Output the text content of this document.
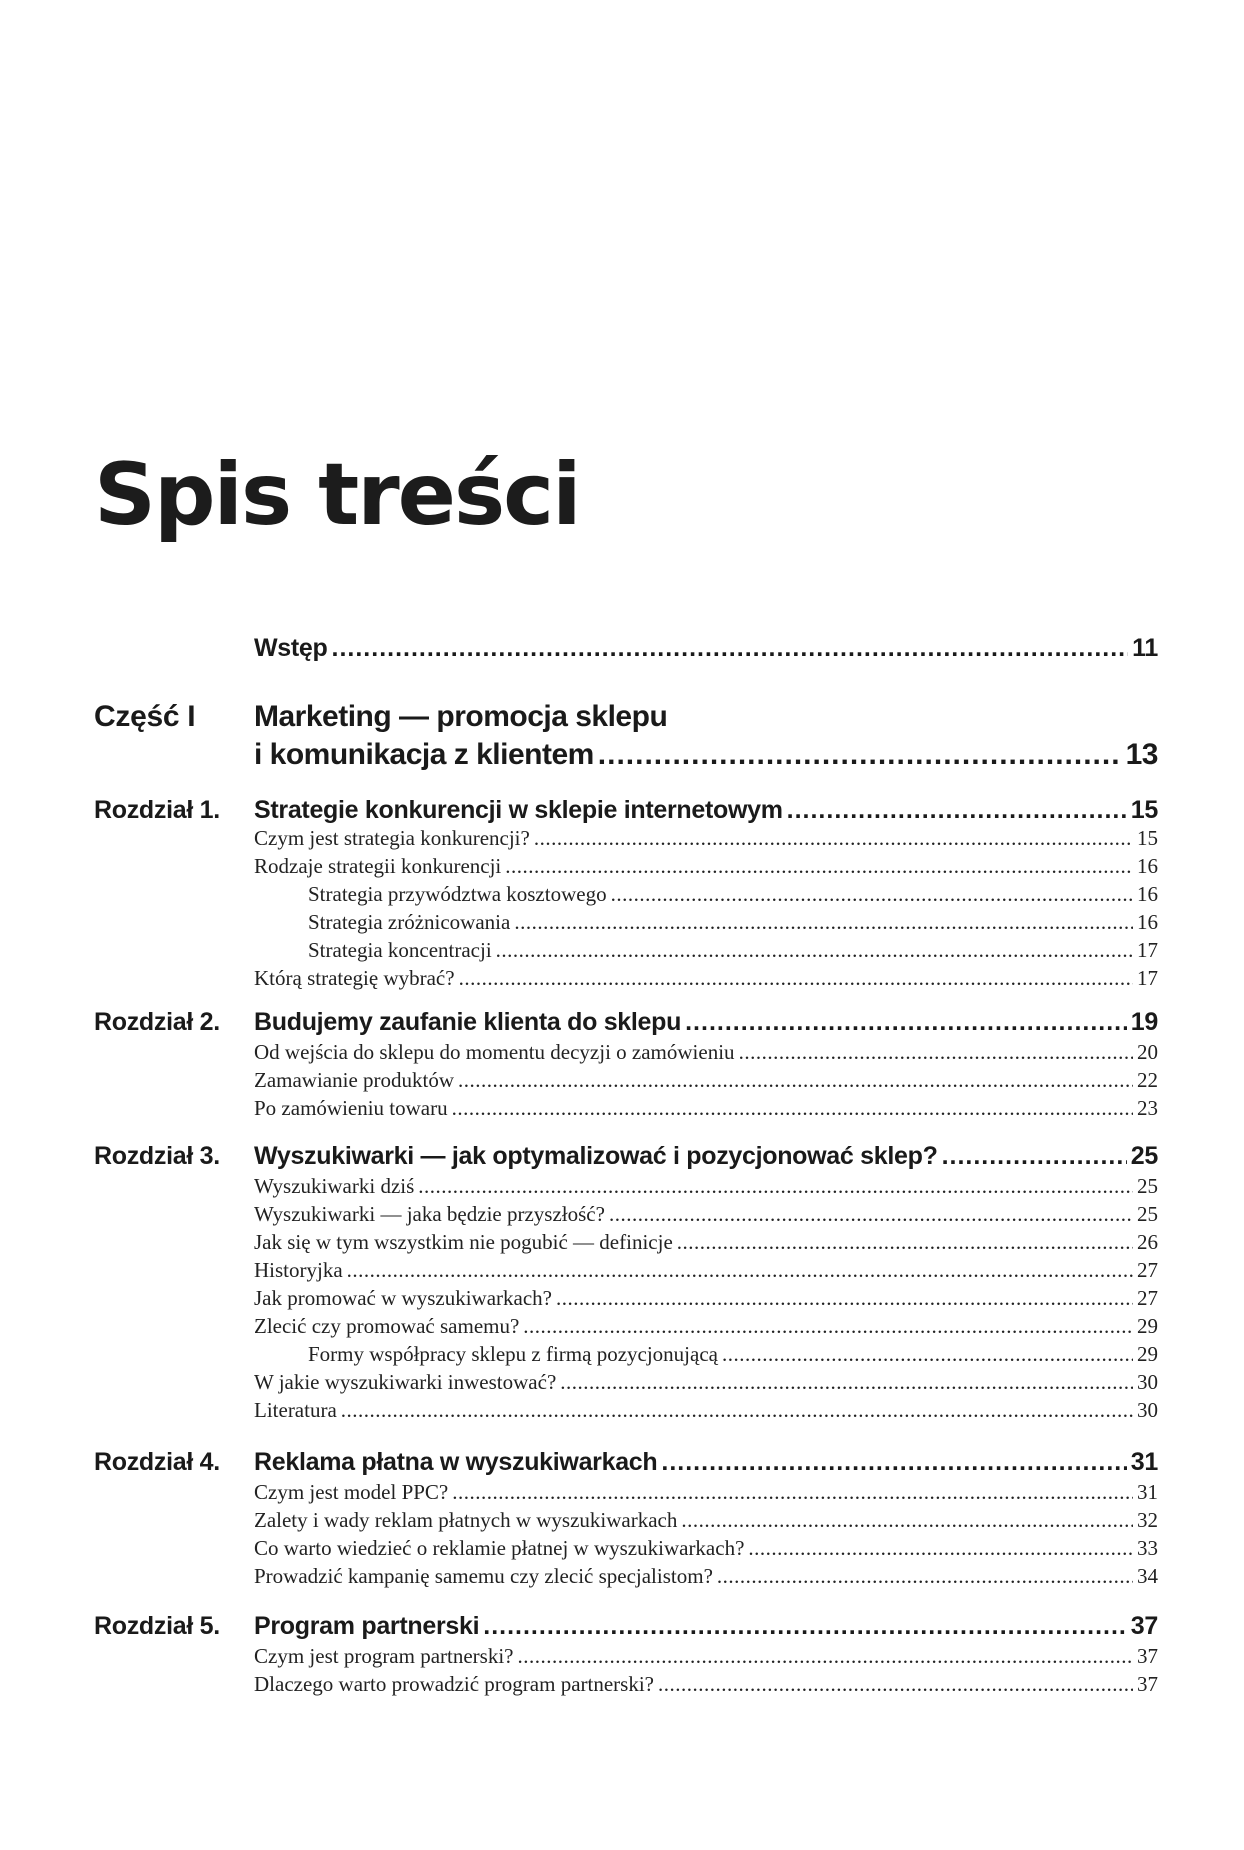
Spis treści
Wstęp .....	11
Część I Marketing — promocja sklepu
i komunikacja z klientem .....	13
Rozdział 1. Strategie konkurencji w sklepie internetowym .....	15
Czym jest strategia konkurencji? .....	15
Rodzaje strategii konkurencji .....	16
Strategia przywództwa kosztowego .....	16
Strategia zróżnicowania .....	16
Strategia koncentracji .....	17
Którą strategię wybrać? .....	17
Rozdział 2. Budujemy zaufanie klienta do sklepu .....	19
Od wejścia do sklepu do momentu decyzji o zamówieniu .....	20
Zamawianie produktów .....	22
Po zamówieniu towaru .....	23
Rozdział 3. Wyszukiwarki — jak optymalizować i pozycjonować sklep? .....	25
Wyszukiwarki dziś .....	25
Wyszukiwarki — jaka będzie przyszłość? .....	25
Jak się w tym wszystkim nie pogubić — definicje .....	26
Historyjka .....	27
Jak promować w wyszukiwarkach? .....	27
Zlecić czy promować samemu? .....	29
Formy współpracy sklepu z firmą pozycjonującą .....	29
W jakie wyszukiwarki inwestować? .....	30
Literatura .....	30
Rozdział 4. Reklama płatna w wyszukiwarkach .....	31
Czym jest model PPC? .....	31
Zalety i wady reklam płatnych w wyszukiwarkach .....	32
Co warto wiedzieć o reklamie płatnej w wyszukiwarkach? .....	33
Prowadzić kampanię samemu czy zlecić specjalistom? .....	34
Rozdział 5. Program partnerski .....	37
Czym jest program partnerski? .....	37
Dlaczego warto prowadzić program partnerski? .....	37
